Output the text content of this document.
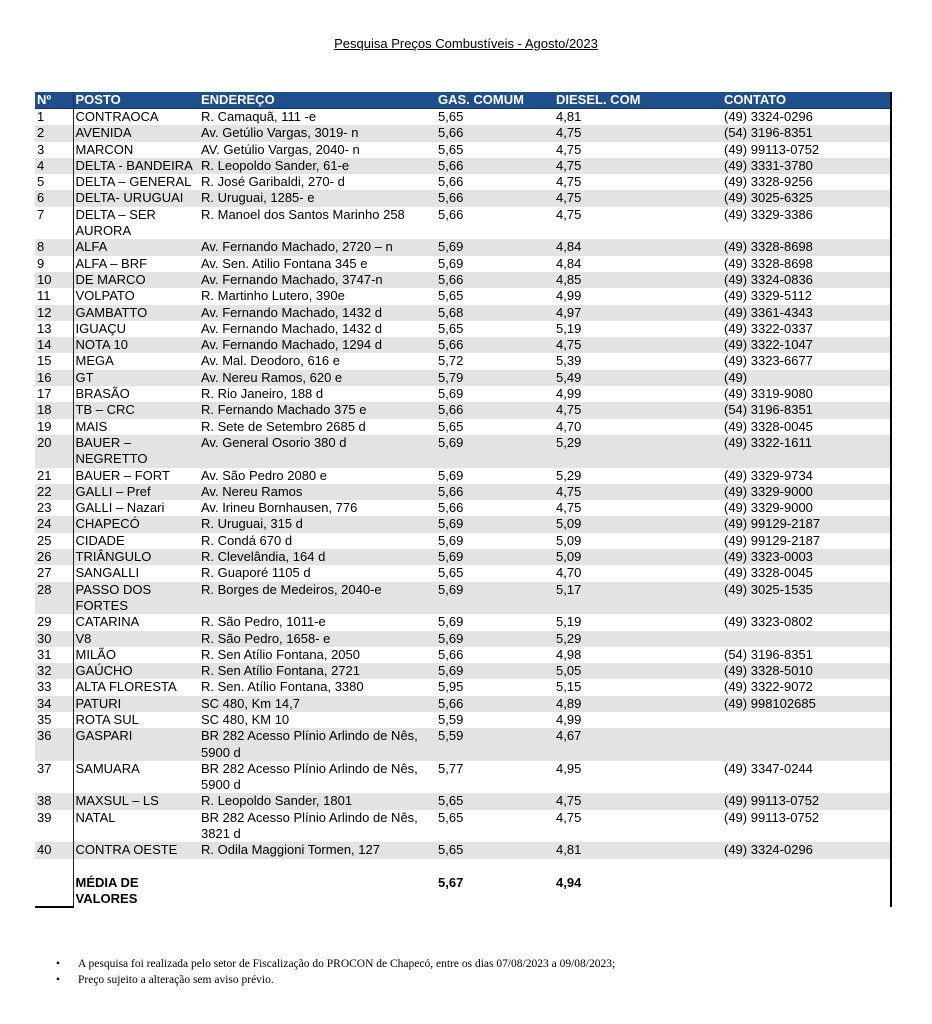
Pesquisa Preços Combustíveis - Agosto/2023
Nº	POSTO	ENDEREÇO	GAS. COMUM	DIESEL. COM	CONTATO
1	CONTRAOCA	R. Camaquã, 111 -e	5,65	4,81	(49) 3324-0296
2	AVENIDA	Av. Getúlio Vargas, 3019- n	5,66	4,75	(54) 3196-8351
3	MARCON	AV. Getúlio Vargas, 2040- n	5,65	4,75	(49) 99113-0752
4	DELTA - BANDEIRA	R. Leopoldo Sander, 61-e	5,66	4,75	(49) 3331-3780
5	DELTA – GENERAL	R. José Garibaldi, 270- d	5,66	4,75	(49) 3328-9256
6	DELTA- URUGUAI	R. Uruguai, 1285- e	5,66	4,75	(49) 3025-6325
7	DELTA – SER AURORA	R. Manoel dos Santos Marinho 258	5,66	4,75	(49) 3329-3386
8	ALFA	Av. Fernando Machado, 2720 – n	5,69	4,84	(49) 3328-8698
9	ALFA – BRF	Av. Sen. Atilio Fontana 345 e	5,69	4,84	(49) 3328-8698
10	DE MARCO	Av. Fernando Machado, 3747-n	5,66	4,85	(49) 3324-0836
11	VOLPATO	R. Martinho Lutero, 390e	5,65	4,99	(49) 3329-5112
12	GAMBATTO	Av. Fernando Machado, 1432 d	5,68	4,97	(49) 3361-4343
13	IGUAÇU	Av. Fernando Machado, 1432 d	5,65	5,19	(49) 3322-0337
14	NOTA 10	Av. Fernando Machado, 1294 d	5,66	4,75	(49) 3322-1047
15	MEGA	Av. Mal. Deodoro, 616 e	5,72	5,39	(49) 3323-6677
16	GT	Av. Nereu Ramos, 620 e	5,79	5,49	(49)
17	BRASÃO	R. Rio Janeiro, 188 d	5,69	4,99	(49) 3319-9080
18	TB – CRC	R. Fernando Machado 375 e	5,66	4,75	(54) 3196-8351
19	MAIS	R. Sete de Setembro 2685 d	5,65	4,70	(49) 3328-0045
20	BAUER – NEGRETTO	Av. General Osorio 380 d	5,69	5,29	(49) 3322-1611
21	BAUER – FORT	Av. São Pedro 2080 e	5,69	5,29	(49) 3329-9734
22	GALLI – Pref	Av. Nereu Ramos	5,66	4,75	(49) 3329-9000
23	GALLI – Nazari	Av. Irineu Bornhausen, 776	5,66	4,75	(49) 3329-9000
24	CHAPECÓ	R. Uruguai, 315 d	5,69	5,09	(49) 99129-2187
25	CIDADE	R. Condá 670 d	5,69	5,09	(49) 99129-2187
26	TRIÂNGULO	R. Clevelândia, 164 d	5,69	5,09	(49) 3323-0003
27	SANGALLI	R. Guaporé 1105 d	5,65	4,70	(49) 3328-0045
28	PASSO DOS FORTES	R. Borges de Medeiros, 2040-e	5,69	5,17	(49) 3025-1535
29	CATARINA	R. São Pedro, 1011-e	5,69	5,19	(49) 3323-0802
30	V8	R. São Pedro, 1658- e	5,69	5,29	
31	MILÃO	R. Sen Atílio Fontana, 2050	5,66	4,98	(54) 3196-8351
32	GAÚCHO	R. Sen Atílio Fontana, 2721	5,69	5,05	(49) 3328-5010
33	ALTA FLORESTA	R. Sen. Atílio Fontana, 3380	5,95	5,15	(49) 3322-9072
34	PATURI	SC 480, Km 14,7	5,66	4,89	(49) 998102685
35	ROTA SUL	SC 480, KM 10	5,59	4,99	
36	GASPARI	BR 282 Acesso Plínio Arlindo de Nês, 5900 d	5,59	4,67	
37	SAMUARA	BR 282 Acesso Plínio Arlindo de Nês, 5900 d	5,77	4,95	(49) 3347-0244
38	MAXSUL – LS	R. Leopoldo Sander, 1801	5,65	4,75	(49) 99113-0752
39	NATAL	BR 282 Acesso Plínio Arlindo de Nês, 3821 d	5,65	4,75	(49) 99113-0752
40	CONTRA OESTE	R. Odila Maggioni Tormen, 127	5,65	4,81	(49) 3324-0296
	MÉDIA DE VALORES		5,67	4,94	
• A pesquisa foi realizada pelo setor de Fiscalização do PROCON de Chapecó, entre os dias 07/08/2023 a 09/08/2023;
• Preço sujeito a alteração sem aviso prévio.
